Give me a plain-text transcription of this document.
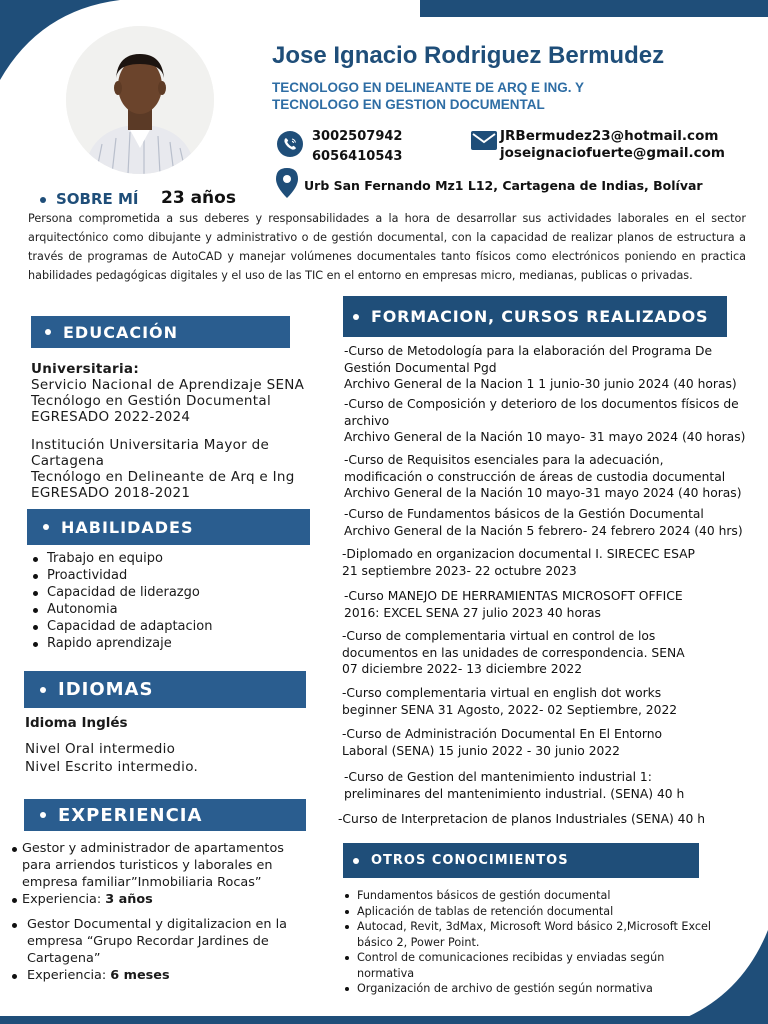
Jose Ignacio Rodriguez Bermudez
TECNOLOGO EN DELINEANTE DE ARQ E ING. Y
TECNOLOGO EN GESTION DOCUMENTAL
3002507942
6056410543
JRBermudez23@hotmail.com
joseignaciofuerte@gmail.com
Urb San Fernando Mz1 L12, Cartagena de Indias, Bolívar
SOBRE MÍ 23 años
Persona comprometida a sus deberes y responsabilidades a la hora de desarrollar sus actividades laborales en el sector arquitectónico como dibujante y administrativo o de gestión documental, con la capacidad de realizar planos de estructura a través de programas de AutoCAD y manejar volúmenes documentales tanto físicos como electrónicos poniendo en practica habilidades pedagógicas digitales y el uso de las TIC en el entorno en empresas micro, medianas, publicas o privadas.
EDUCACIÓN
Universitaria:
Servicio Nacional de Aprendizaje SENA
Tecnólogo en Gestión Documental
EGRESADO 2022-2024
Institución Universitaria Mayor de Cartagena
Tecnólogo en Delineante de Arq e Ing
EGRESADO 2018-2021
HABILIDADES
Trabajo en equipo
Proactividad
Capacidad de liderazgo
Autonomia
Capacidad de adaptacion
Rapido aprendizaje
IDIOMAS
Idioma Inglés
Nivel Oral intermedio
Nivel Escrito intermedio.
EXPERIENCIA
Gestor y administrador de apartamentos para arriendos turisticos y laborales en empresa familiar”Inmobiliaria Rocas”
Experiencia: 3 años
Gestor Documental y digitalizacion en la empresa “Grupo Recordar Jardines de Cartagena”
Experiencia: 6 meses
FORMACION, CURSOS REALIZADOS
-Curso de Metodología para la elaboración del Programa De
Gestión Documental Pgd
Archivo General de la Nacion 1 1 junio-30 junio 2024 (40 horas)
-Curso de Composición y deterioro de los documentos físicos de
archivo
Archivo General de la Nación 10 mayo- 31 mayo 2024 (40 horas)
-Curso de Requisitos esenciales para la adecuación,
modificación o construcción de áreas de custodia documental
Archivo General de la Nación 10 mayo-31 mayo 2024 (40 horas)
-Curso de Fundamentos básicos de la Gestión Documental
Archivo General de la Nación 5 febrero- 24 febrero 2024 (40 hrs)
-Diplomado en organizacion documental I. SIRECEC ESAP
21 septiembre 2023- 22 octubre 2023
-Curso MANEJO DE HERRAMIENTAS MICROSOFT OFFICE
2016: EXCEL SENA 27 julio 2023 40 horas
-Curso de complementaria virtual en control de los
documentos en las unidades de correspondencia. SENA
07 diciembre 2022- 13 diciembre 2022
-Curso complementaria virtual en english dot works
beginner SENA 31 Agosto, 2022- 02 Septiembre, 2022
-Curso de Administración Documental En El Entorno
Laboral (SENA) 15 junio 2022 - 30 junio 2022
-Curso de Gestion del mantenimiento industrial 1:
preliminares del mantenimiento industrial. (SENA) 40 h
-Curso de Interpretacion de planos Industriales (SENA) 40 h
OTROS CONOCIMIENTOS
Fundamentos básicos de gestión documental
Aplicación de tablas de retención documental
Autocad, Revit, 3dMax, Microsoft Word básico 2,Microsoft Excel básico 2, Power Point.
Control de comunicaciones recibidas y enviadas según normativa
Organización de archivo de gestión según normativa
